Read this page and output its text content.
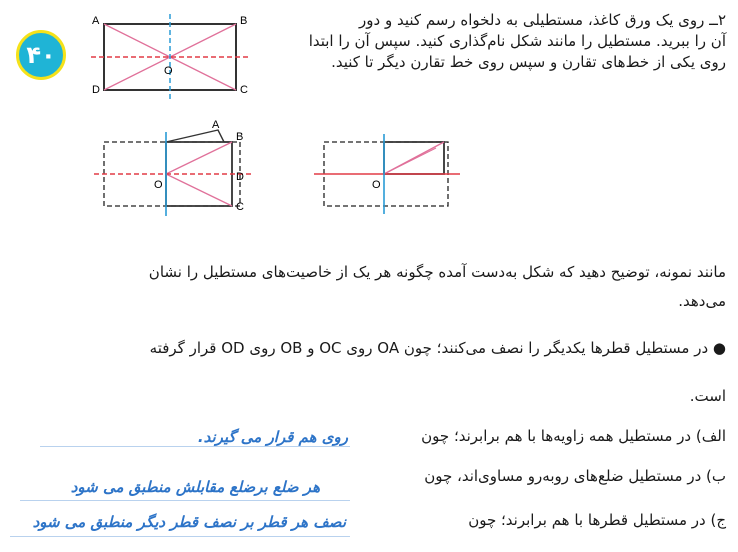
۴۰
A	B
C
D
O
۲ــ روی یک ورق کاغذ، مستطیلی به دلخواه رسم کنید و دور
آن را ببرید. مستطیل را مانند شکل نام‌گذاری کنید. سپس آن را ابتدا
روی یکی از خط‌های تقارن و سپس روی خط تقارن دیگر تا کنید.
A
B
C
D
O	O
مانند نمونه، توضیح دهید که شکل به‌دست آمده چگونه هر یک از خاصیت‌های مستطیل را نشان
می‌دهد.
● در مستطیل قطرها یکدیگر را نصف می‌کنند؛ چون OA روی OC و OB روی OD قرار گرفته
است.
الف) در مستطیل همه زاویه‌ها با هم برابرند؛ چون
روی هم قرار می گیرند.
ب) در مستطیل ضلع‌های روبه‌رو مساوی‌اند، چون
هر ضلع برضلع مقابلش منطبق می شود
ج) در مستطیل قطرها با هم برابرند؛ چون
نصف هر قطر بر نصف قطر دیگر منطبق می شود
